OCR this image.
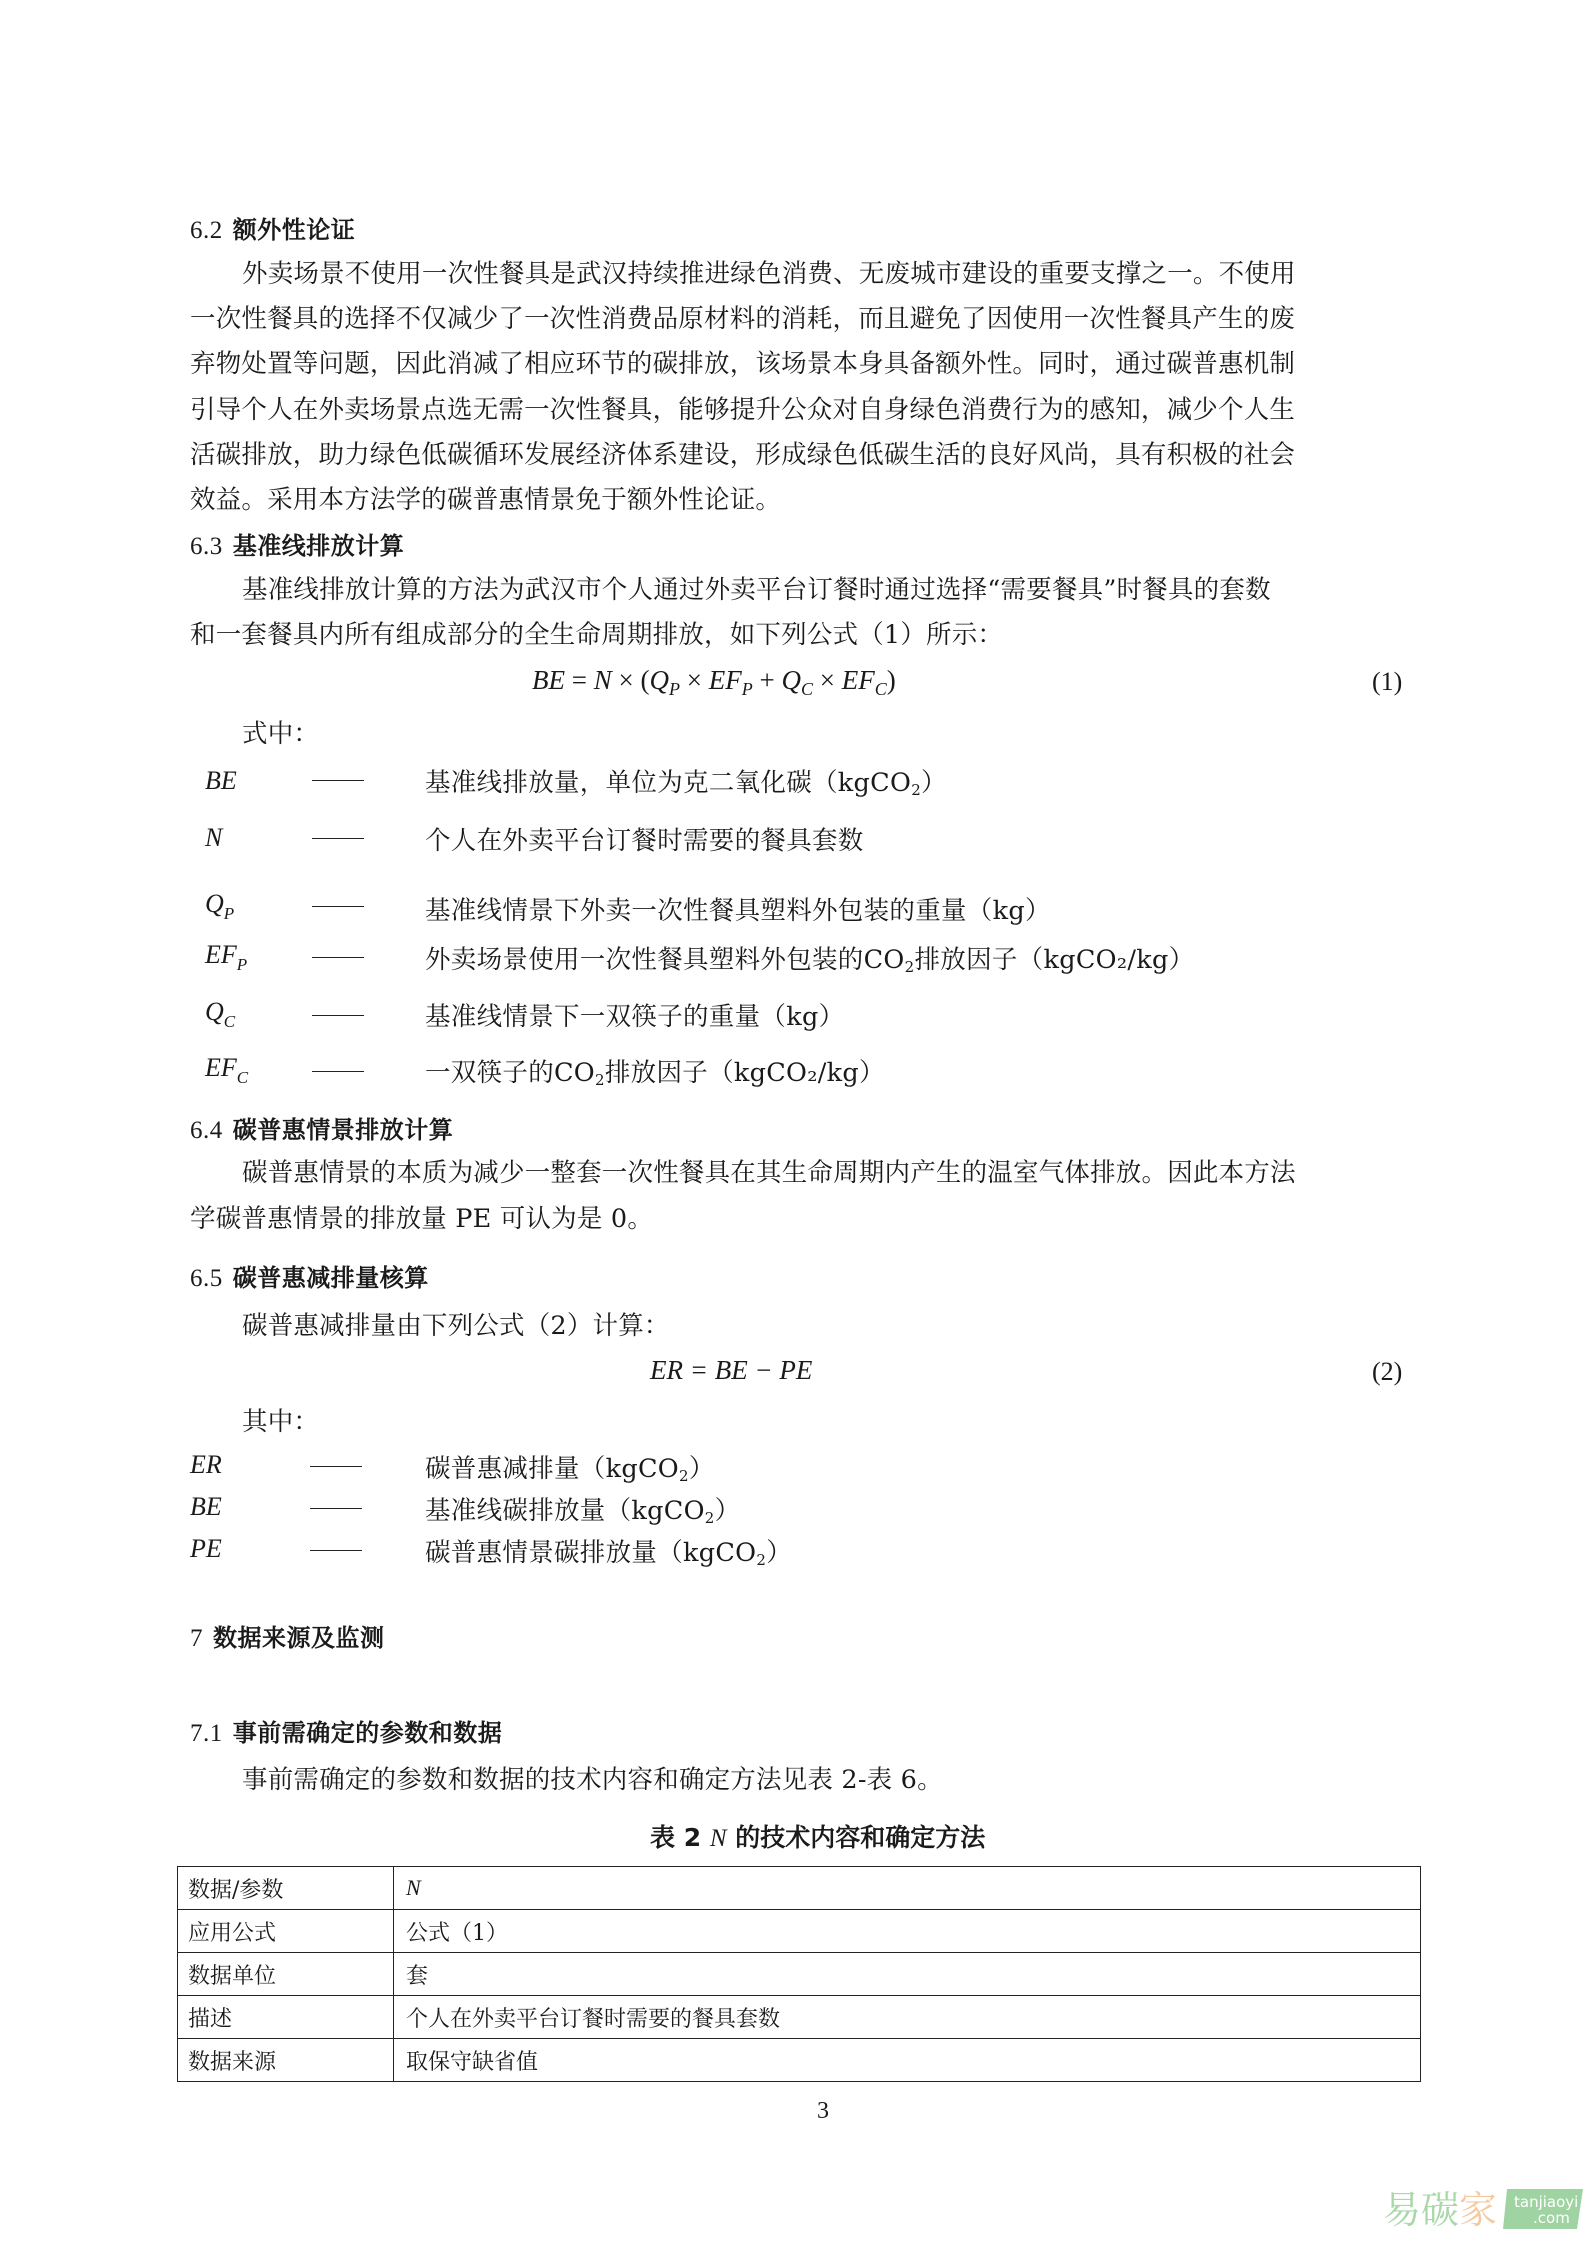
6.2 额外性论证
外卖场景不使用一次性餐具是武汉持续推进绿色消费、无废城市建设的重要支撑之一。不使用
一次性餐具的选择不仅减少了一次性消费品原材料的消耗，而且避免了因使用一次性餐具产生的废
弃物处置等问题，因此消减了相应环节的碳排放，该场景本身具备额外性。同时，通过碳普惠机制
引导个人在外卖场景点选无需一次性餐具，能够提升公众对自身绿色消费行为的感知，减少个人生
活碳排放，助力绿色低碳循环发展经济体系建设，形成绿色低碳生活的良好风尚，具有积极的社会
效益。采用本方法学的碳普惠情景免于额外性论证。
6.3 基准线排放计算
基准线排放计算的方法为武汉市个人通过外卖平台订餐时通过选择“需要餐具”时餐具的套数
和一套餐具内所有组成部分的全生命周期排放，如下列公式（1）所示：
BE = $N \times (Q_P \times EF_P + Q_C \times EF_C)$	(1)
式中：
BE	基准线排放量，单位为克二氧化碳（kgCO$_2$）
N	个人在外卖平台订餐时需要的餐具套数
$Q_P$	基准线情景下外卖一次性餐具塑料外包装的重量（kg）
$EF_P$	外卖场景使用一次性餐具塑料外包装的$CO_2$排放因子（kgCO₂/kg）
$Q_C$	基准线情景下一双筷子的重量（kg）
$EF_C$	一双筷子的$CO_2$排放因子（kgCO₂/kg）
6.4 碳普惠情景排放计算
碳普惠情景的本质为减少一整套一次性餐具在其生命周期内产生的温室气体排放。因此本方法
学碳普惠情景的排放量 PE 可认为是 0。
6.5 碳普惠减排量核算
碳普惠减排量由下列公式（2）计算：
ER = BE − PE	(2)
其中：
ER	碳普惠减排量（kgCO$_2$）
BE	基准线碳排放量（kgCO$_2$）
PE	碳普惠情景碳排放量（kgCO$_2$）
7 数据来源及监测
7.1 事前需确定的参数和数据
事前需确定的参数和数据的技术内容和确定方法见表 2-表 6。
表 2 N 的技术内容和确定方法
数据/参数	N
应用公式	公式（1）
数据单位	套
描述	个人在外卖平台订餐时需要的餐具套数
数据来源	取保守缺省值
3
易碳 家 tanjiaoyi
.com
